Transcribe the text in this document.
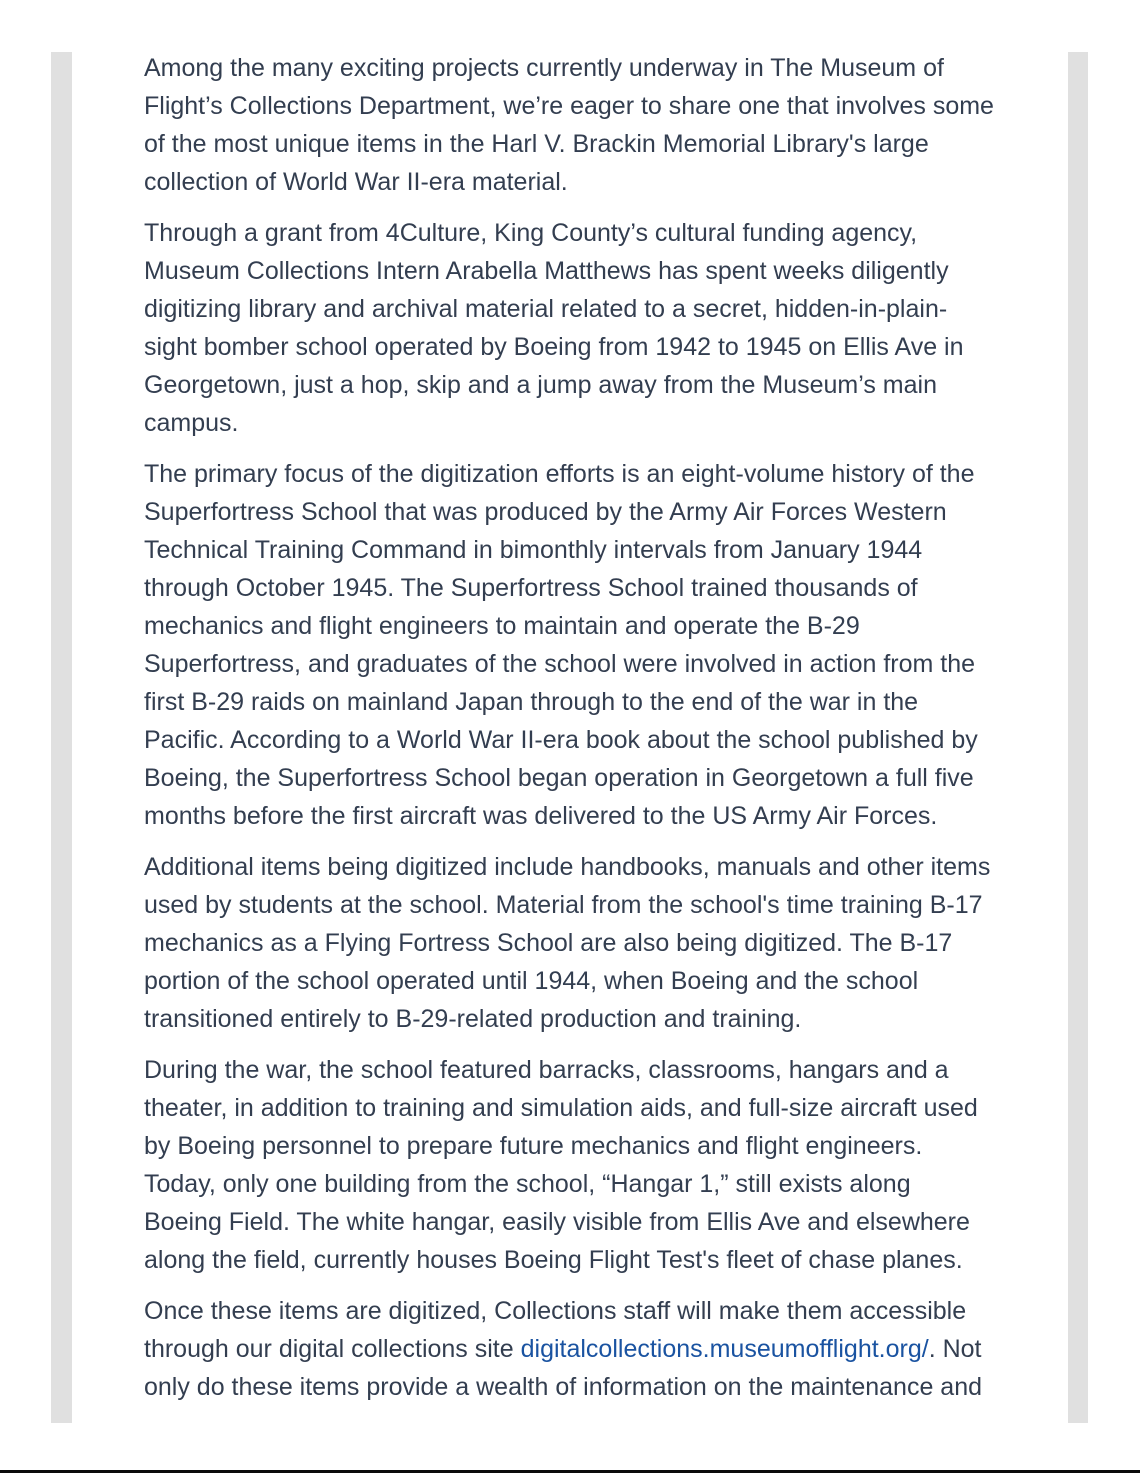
Among the many exciting projects currently underway in The Museum of Flight’s Collections Department, we’re eager to share one that involves some of the most unique items in the Harl V. Brackin Memorial Library's large collection of World War II-era material.

Through a grant from 4Culture, King County’s cultural funding agency, Museum Collections Intern Arabella Matthews has spent weeks diligently digitizing library and archival material related to a secret, hidden-in-plain-sight bomber school operated by Boeing from 1942 to 1945 on Ellis Ave in Georgetown, just a hop, skip and a jump away from the Museum’s main campus.

The primary focus of the digitization efforts is an eight-volume history of the Superfortress School that was produced by the Army Air Forces Western Technical Training Command in bimonthly intervals from January 1944 through October 1945. The Superfortress School trained thousands of mechanics and flight engineers to maintain and operate the B-29 Superfortress, and graduates of the school were involved in action from the first B-29 raids on mainland Japan through to the end of the war in the Pacific. According to a World War II-era book about the school published by Boeing, the Superfortress School began operation in Georgetown a full five months before the first aircraft was delivered to the US Army Air Forces.

Additional items being digitized include handbooks, manuals and other items used by students at the school. Material from the school's time training B-17 mechanics as a Flying Fortress School are also being digitized. The B-17 portion of the school operated until 1944, when Boeing and the school transitioned entirely to B-29-related production and training.

During the war, the school featured barracks, classrooms, hangars and a theater, in addition to training and simulation aids, and full-size aircraft used by Boeing personnel to prepare future mechanics and flight engineers. Today, only one building from the school, “Hangar 1,” still exists along Boeing Field. The white hangar, easily visible from Ellis Ave and elsewhere along the field, currently houses Boeing Flight Test's fleet of chase planes.

Once these items are digitized, Collections staff will make them accessible through our digital collections site digitalcollections.museumofflight.org/. Not only do these items provide a wealth of information on the maintenance and
